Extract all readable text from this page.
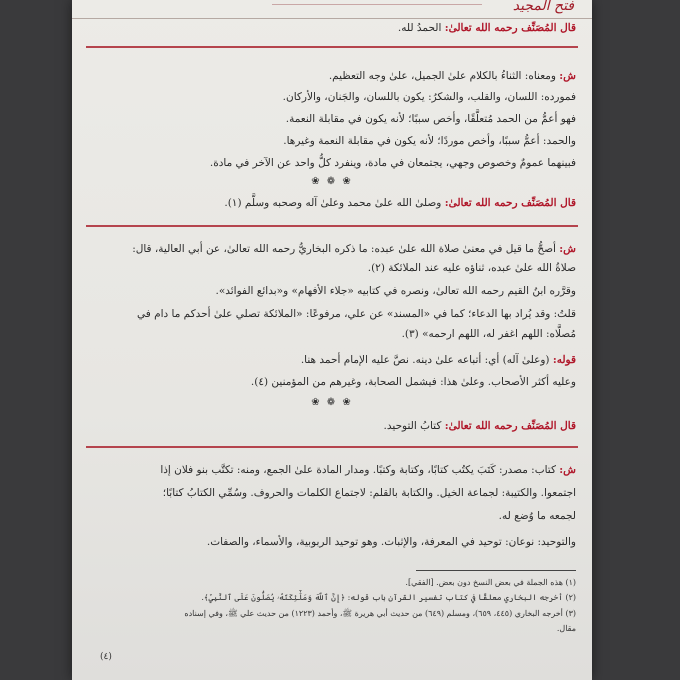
فتح المجيد
قال المُصَنِّف رحمه الله تعالىٰ: الحمدُ لله.
ش: ومعناه: الثناءُ بالكلام علىٰ الجميل، علىٰ وجه التعظيم.
فمورده: اللسان، والقلب، والشكرُ: يكون باللسان، والجَنان، والأركان.
فهو أعمُّ من الحمد مُتعلَّقًا، وأخص سببًا؛ لأنه يكون في مقابلة النعمة.
والحمد: أعمُّ سببًا، وأخص موردًا؛ لأنه يكون في مقابلة النعمة وغيرها.
فبينهما عمومٌ وخصوص وجهي، يجتمعان في مادة، وينفرد كلُّ واحد عن الآخر في مادة.
❀ ❁ ❀
قال المُصَنِّف رحمه الله تعالىٰ: وصلىٰ الله علىٰ محمد وعلىٰ آله وصحبه وسلَّم (١).
ش: أصحُّ ما قيل في معنىٰ صلاة الله علىٰ عبده: ما ذكره البخاريُّ رحمه الله تعالىٰ، عن أبي العالية، قال:
صلاةُ الله علىٰ عبده، ثناؤه عليه عند الملائكة (٢).
وقرَّره ابنُ القيم رحمه الله تعالىٰ، ونصره في كتابيه «جلاء الأفهام» و«بدائع الفوائد».
قلتُ: وقد يُراد بها الدعاء؛ كما في «المسند» عن علي، مرفوعًا: «الملائكة تصلي علىٰ أحدكم ما دام في
مُصلَّاه: اللهم اغفر له، اللهم ارحمه» (٣).
قوله: (وعلىٰ آله) أي: أتباعه علىٰ دينه. نصَّ عليه الإمام أحمد هنا.
وعليه أكثر الأصحاب. وعلىٰ هذا: فيشمل الصحابة، وغيرهم من المؤمنين (٤).
❀ ❁ ❀
قال المُصَنِّف رحمه الله تعالىٰ: كتابُ التوحيد.
ش: كتاب: مصدر: كَتَبَ يكتُب كتابًا، وكتابة وكتبًا. ومدار المادة علىٰ الجمع، ومنه: تكتَّب بنو فلان إذا
اجتمعوا. والكتيبة: لجماعة الخيل. والكتابة بالقلم: لاجتماع الكلمات والحروف. وسُمِّي الكتابُ كتابًا؛
لجمعه ما وُضع له.
والتوحيد: نوعان: توحيد في المعرفة، والإثبات. وهو توحيد الربوبية، والأسماء، والصفات.
(١) هذه الجملة في بعض النسخ دون بعض. [الفقي].
(٢) أخرجه البخاري معلقًا في كتاب تفسير القرآن باب قوله: ﴿إِنَّ ٱللَّهَ وَمَلَٰٓئِكَتَهُۥ يُصَلُّونَ عَلَى ٱلنَّبِيِّ﴾.
(٣) أخرجه البخاري (٤٤٥، ٦٥٩)، ومسلم (٦٤٩) من حديث أبي هريرة ﷺ، وأحمد (١٢٢٣) من حديث علي ﷺ، وفي إسناده
مقال.
(٤)
